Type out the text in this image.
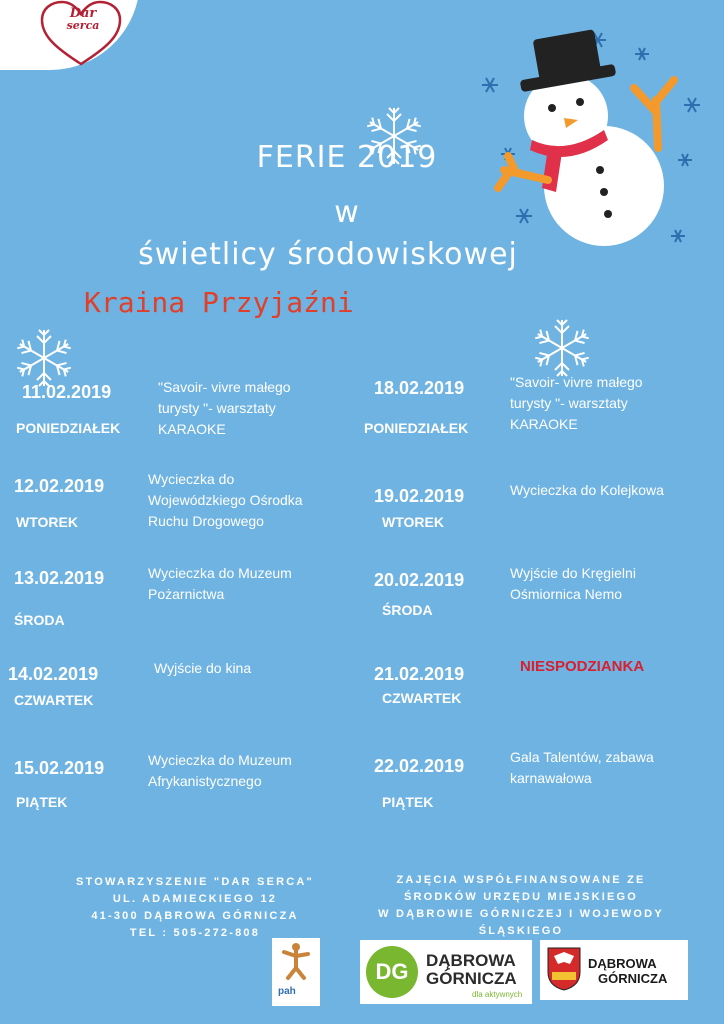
Dar
serca
FERIE 2019
w
świetlicy środowiskowej
Kraina Przyjaźni
11.02.2019
PONIEDZIAŁEK
"Savoir- vivre małego
turysty "- warsztaty
KARAOKE
12.02.2019
WTOREK
Wycieczka do
Wojewódzkiego Ośrodka
Ruchu Drogowego
13.02.2019
ŚRODA
Wycieczka do Muzeum
Pożarnictwa
14.02.2019
CZWARTEK
Wyjście do kina
15.02.2019
PIĄTEK
Wycieczka do Muzeum
Afrykanistycznego
18.02.2019
PONIEDZIAŁEK
"Savoir- vivre małego
turysty "- warsztaty
KARAOKE
19.02.2019
WTOREK
Wycieczka do Kolejkowa
20.02.2019
ŚRODA
Wyjście do Kręgielni
Ośmiornica Nemo
21.02.2019
CZWARTEK
NIESPODZIANKA
22.02.2019
PIĄTEK
Gala Talentów, zabawa
karnawałowa
STOWARZYSZENIE "DAR SERCA"
UL. ADAMIECKIEGO 12
41-300 DĄBROWA GÓRNICZA
TEL : 505-272-808
ZAJĘCIA WSPÓŁFINANSOWANE ZE
ŚRODKÓW URZĘDU MIEJSKIEGO
W DĄBROWIE GÓRNICZEJ I WOJEWODY
ŚLĄSKIEGO
pah
DG	DĄBROWA
GÓRNICZA
dla aktywnych
DĄBROWA
GÓRNICZA
